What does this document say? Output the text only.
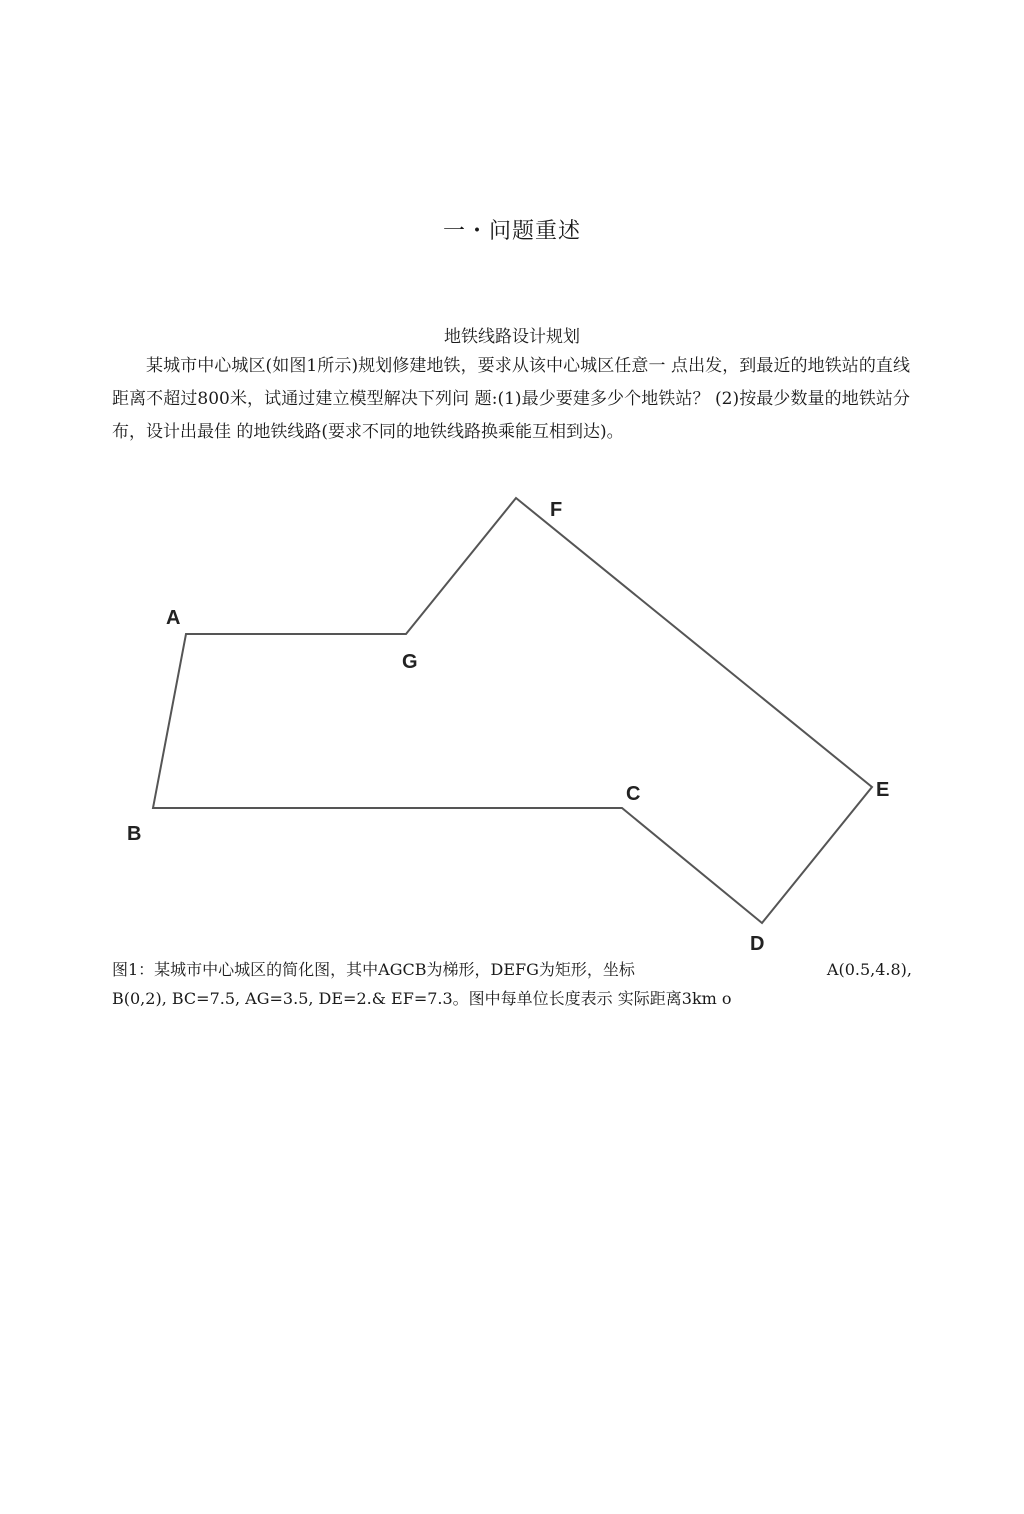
一・问题重述
地铁线路设计规划
某城市中心城区(如图1所示)规划修建地铁，要求从该中心城区任意一 点出发，到最近的地铁站的直线距离不超过800米，试通过建立模型解决下列问 题:(1)最少要建多少个地铁站？ (2)按最少数量的地铁站分布，设计出最佳 的地铁线路(要求不同的地铁线路换乘能互相到达)。
A
B
C
D
E
F
G
图1：某城市中心城区的简化图，其中AGCB为梯形，DEFG为矩形，坐标	A(0.5,4.8),
B(0,2), BC=7.5, AG=3.5, DE=2.& EF=7.3。图中每单位长度表示 实际距离3km o
